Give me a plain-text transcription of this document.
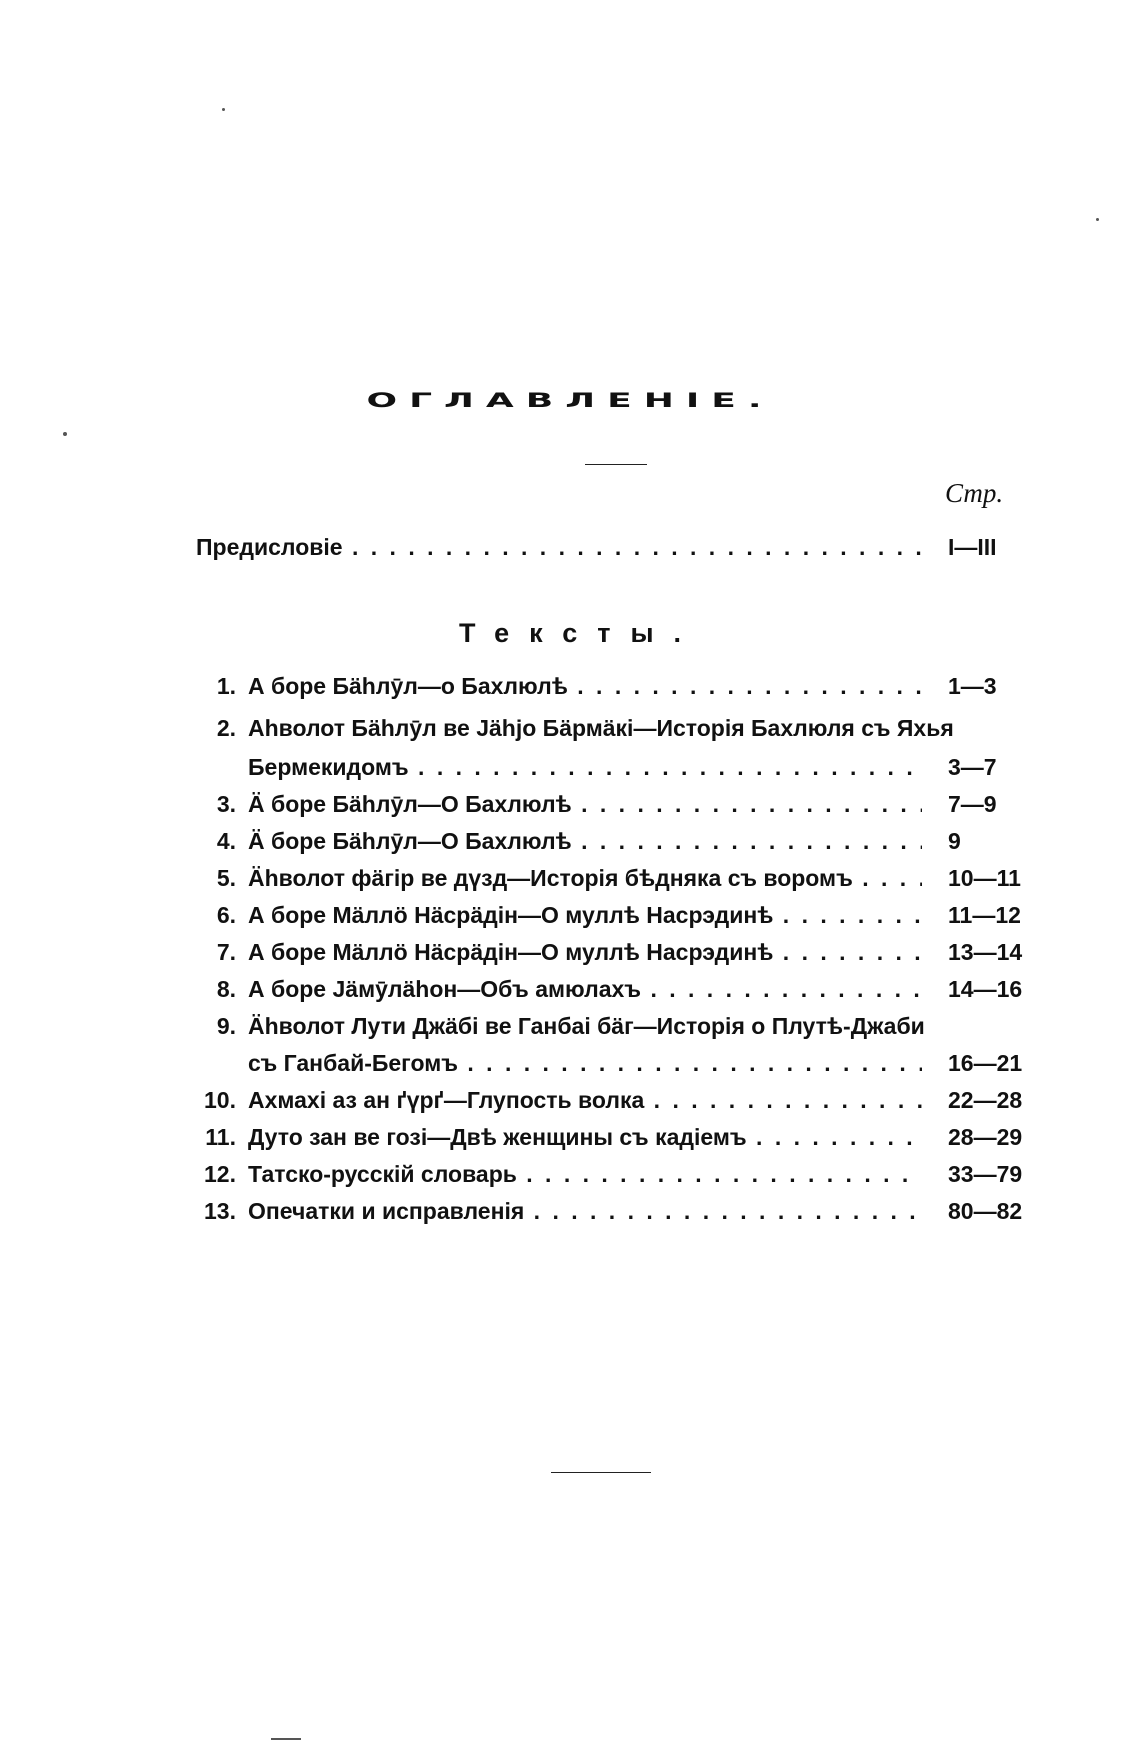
ОГЛАВЛЕНІЕ.
Стр.
Предисловіе . . .	I—III
Тексты.
1. А боре Бäһлӯл—о Бахлюлѣ . . .	1—3
2. Аһволот Бäһлӯл ве Јäһјо Бäрмäкі—Исторія Бахлюля съ Яхья
Бермекидомъ . . .	3—7
3. Ӓ боре Бäһлӯл—О Бахлюлѣ . . .	7—9
4. Ӓ боре Бäһлӯл—О Бахлюлѣ . . .	9
5. Ӓһволот фäгір ве дүзд—Исторія бѣдняка съ воромъ . . .	10—11
6. А боре Мäллӧ Нäсрäдін—О муллѣ Насрэдинѣ . . .	11—12
7. А боре Мäллӧ Нäсрäдін—О муллѣ Насрэдинѣ . . .	13—14
8. А боре Јäмӯлäһон—Объ амюлахъ . . .	14—16
9. Ӓһволот Лути Джäбі ве Ганбаі бäг—Исторія о Плутѣ-Джаби
съ Ганбай-Бегомъ . . .	16—21
10. Ахмахі аз ан ґүрґ—Глупость волка . . .	22—28
11. Дуто зан ве гозі—Двѣ женщины съ кадіемъ . . .	28—29
12. Татско-русскій словарь . . .	33—79
13. Опечатки и исправленія . . .	80—82
